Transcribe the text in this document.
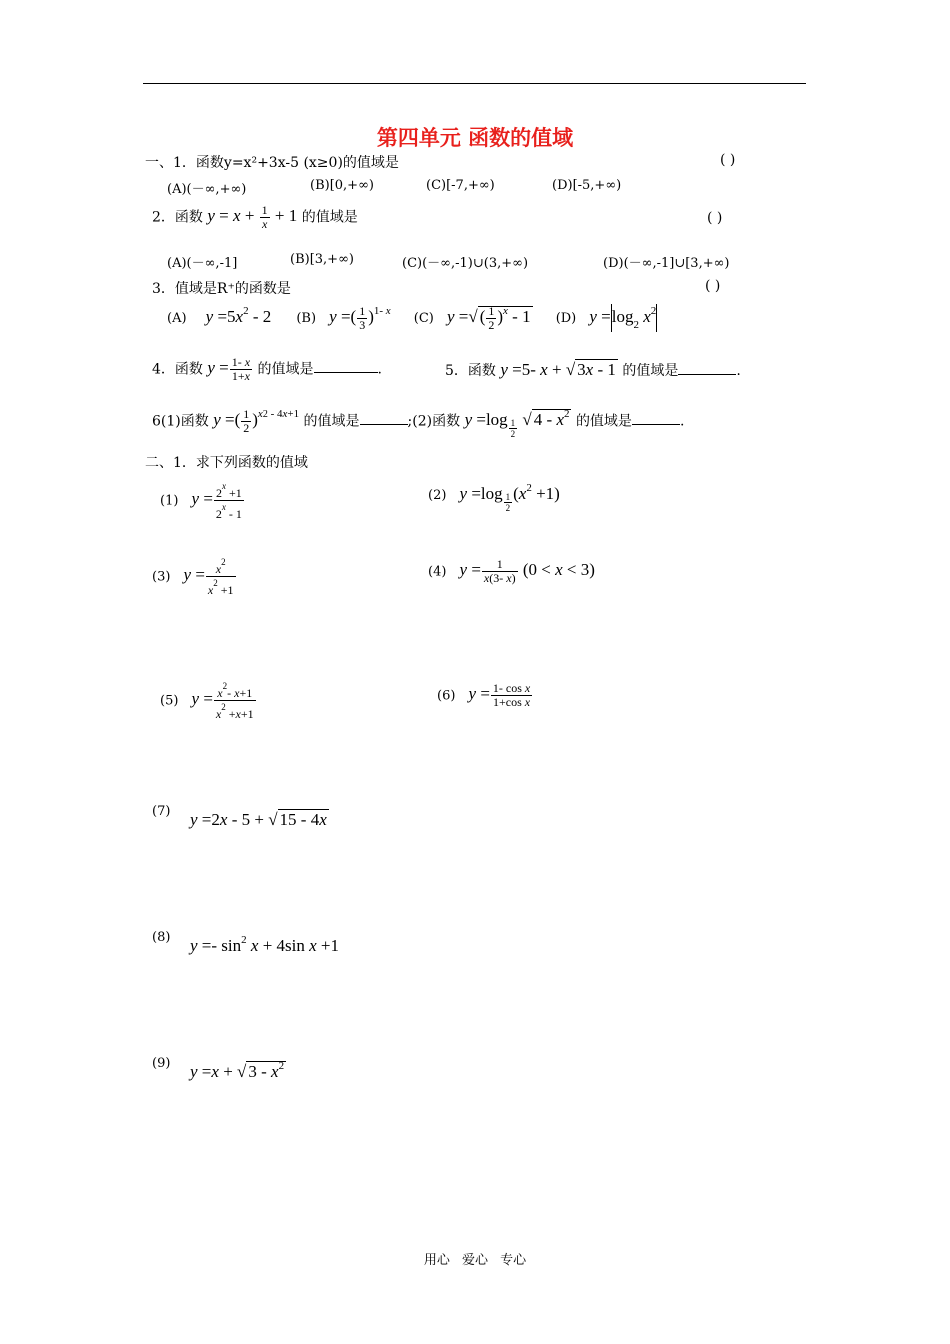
第四单元 函数的值域
一、1．函数y=x²+3x-5 (x≥0)的值域是	( )
(A)(－∞,+∞)	(B)[0,+∞)	(C)[-7,+∞)	(D)[-5,+∞)
2．函数 $y = x + \frac{1}{x} + 1$ 的值域是	( )
(A)(－∞,-1]	(B)[3,+∞)	(C)(－∞,-1)∪(3,+∞)	(D)(－∞,-1]∪[3,+∞)
3．值域是R⁺的函数是	( )
(A) $y =5x^2 - 2$ (B) y =( $\frac{1}{3} )^{1- x}$ (C) y =√ ( $\frac{1}{2} )^x - 1$ (D) $y =\log_2$ $x^2$
4．函数 $y = \frac{1- x}{1+x}$ 的值域是	.	5．函数 y =5- x + √ 3x - 1 的值域是	.
6(1)函数 y =( $\frac{1}{2} )^{x2 - 4x+1}$ 的值域是	;(2)函数 y =log $_{\frac{1}{2}}$ √ $4 - x^2$ 的值域是	.
二、1．求下列函数的值域
(1) $y = \frac{2^x +1}{2^x - 1}$	(2) y =log $_{\frac{1}{2}}$ $(x^2 +1)$
(3) $y = \frac{x^2}{x^2 +1}$	(4) $y = \frac{1}{x(3- x)} (0 < x < 3)$
(5) $y = \frac{x^2- x+1}{x^2 +x+1}$	(6) $y = \frac{\text{1- cos x}}{\text{1+cos x}}$
(7) y =2x - 5 + √ 15 - 4x
(8) $y =- \sin^2 x + 4\sin$ x +1
(9) y =x + √ $3 - x^2$
用心 爱心 专心
